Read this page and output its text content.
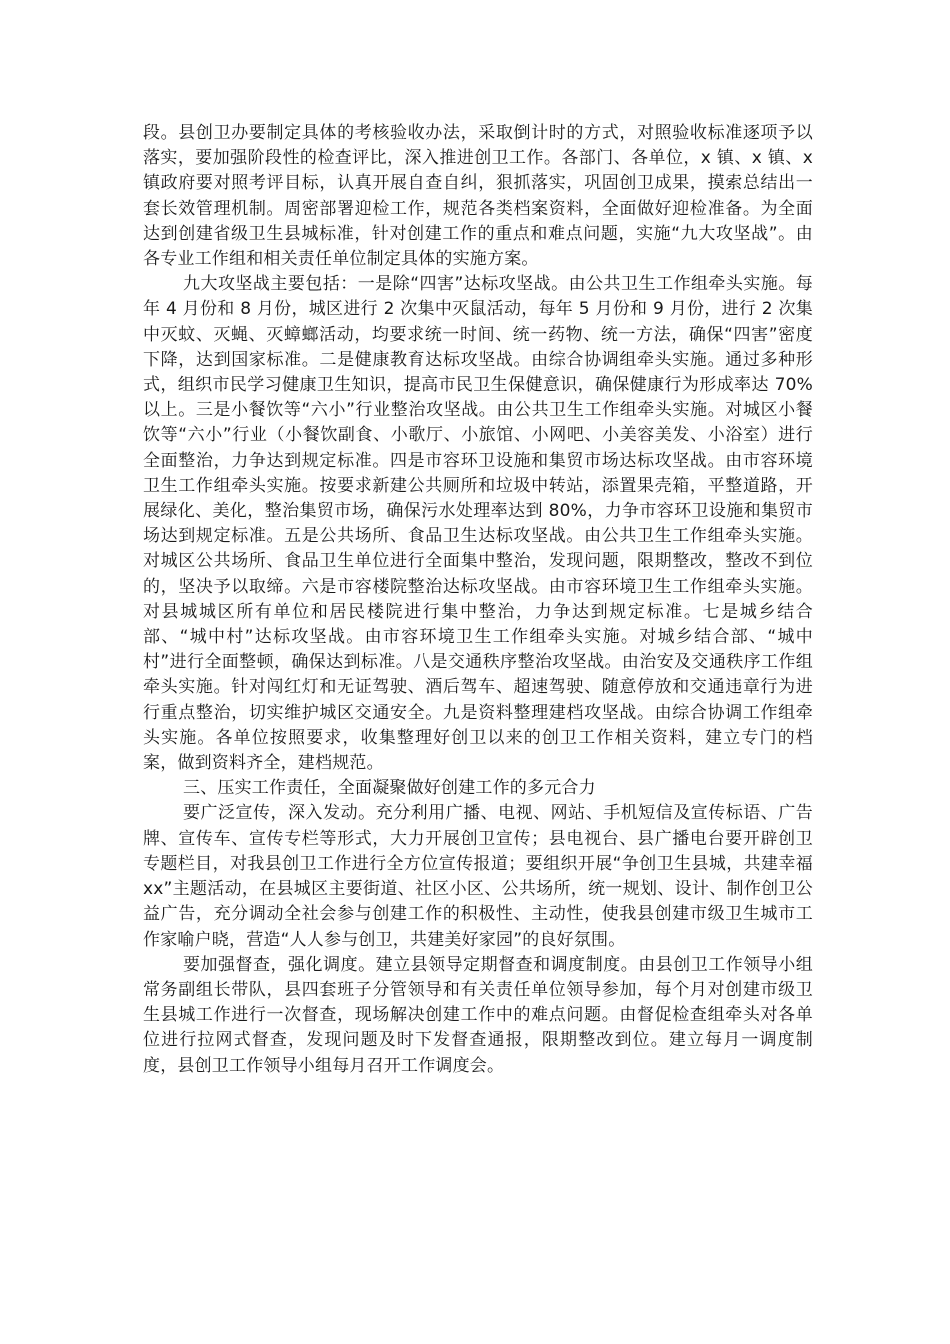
段。县创卫办要制定具体的考核验收办法，采取倒计时的方式，对照验收标准逐项予以落实，要加强阶段性的检查评比，深入推进创卫工作。各部门、各单位，x 镇、x 镇、x 镇政府要对照考评目标，认真开展自查自纠，狠抓落实，巩固创卫成果，摸索总结出一套长效管理机制。周密部署迎检工作，规范各类档案资料，全面做好迎检准备。为全面达到创建省级卫生县城标准，针对创建工作的重点和难点问题，实施“九大攻坚战”。由各专业工作组和相关责任单位制定具体的实施方案。

九大攻坚战主要包括：一是除“四害”达标攻坚战。由公共卫生工作组牵头实施。每年 4 月份和 8 月份，城区进行 2 次集中灭鼠活动，每年 5 月份和 9 月份，进行 2 次集中灭蚊、灭蝇、灭蟑螂活动，均要求统一时间、统一药物、统一方法，确保“四害”密度下降，达到国家标准。二是健康教育达标攻坚战。由综合协调组牵头实施。通过多种形式，组织市民学习健康卫生知识，提高市民卫生保健意识，确保健康行为形成率达 70%以上。三是小餐饮等“六小”行业整治攻坚战。由公共卫生工作组牵头实施。对城区小餐饮等“六小”行业（小餐饮副食、小歌厅、小旅馆、小网吧、小美容美发、小浴室）进行全面整治，力争达到规定标准。四是市容环卫设施和集贸市场达标攻坚战。由市容环境卫生工作组牵头实施。按要求新建公共厕所和垃圾中转站，添置果壳箱，平整道路，开展绿化、美化，整治集贸市场，确保污水处理率达到 80%，力争市容环卫设施和集贸市场达到规定标准。五是公共场所、食品卫生达标攻坚战。由公共卫生工作组牵头实施。对城区公共场所、食品卫生单位进行全面集中整治，发现问题，限期整改，整改不到位的，坚决予以取缔。六是市容楼院整治达标攻坚战。由市容环境卫生工作组牵头实施。对县城城区所有单位和居民楼院进行集中整治，力争达到规定标准。七是城乡结合部、“城中村”达标攻坚战。由市容环境卫生工作组牵头实施。对城乡结合部、“城中村”进行全面整顿，确保达到标准。八是交通秩序整治攻坚战。由治安及交通秩序工作组牵头实施。针对闯红灯和无证驾驶、酒后驾车、超速驾驶、随意停放和交通违章行为进行重点整治，切实维护城区交通安全。九是资料整理建档攻坚战。由综合协调工作组牵头实施。各单位按照要求，收集整理好创卫以来的创卫工作相关资料，建立专门的档案，做到资料齐全，建档规范。

三、压实工作责任，全面凝聚做好创建工作的多元合力

要广泛宣传，深入发动。充分利用广播、电视、网站、手机短信及宣传标语、广告牌、宣传车、宣传专栏等形式，大力开展创卫宣传；县电视台、县广播电台要开辟创卫专题栏目，对我县创卫工作进行全方位宣传报道；要组织开展“争创卫生县城，共建幸福 xx”主题活动，在县城区主要街道、社区小区、公共场所，统一规划、设计、制作创卫公益广告，充分调动全社会参与创建工作的积极性、主动性，使我县创建市级卫生城市工作家喻户晓，营造“人人参与创卫，共建美好家园”的良好氛围。

要加强督查，强化调度。建立县领导定期督查和调度制度。由县创卫工作领导小组常务副组长带队，县四套班子分管领导和有关责任单位领导参加，每个月对创建市级卫生县城工作进行一次督查，现场解决创建工作中的难点问题。由督促检查组牵头对各单位进行拉网式督查，发现问题及时下发督查通报，限期整改到位。建立每月一调度制度，县创卫工作领导小组每月召开工作调度会。
